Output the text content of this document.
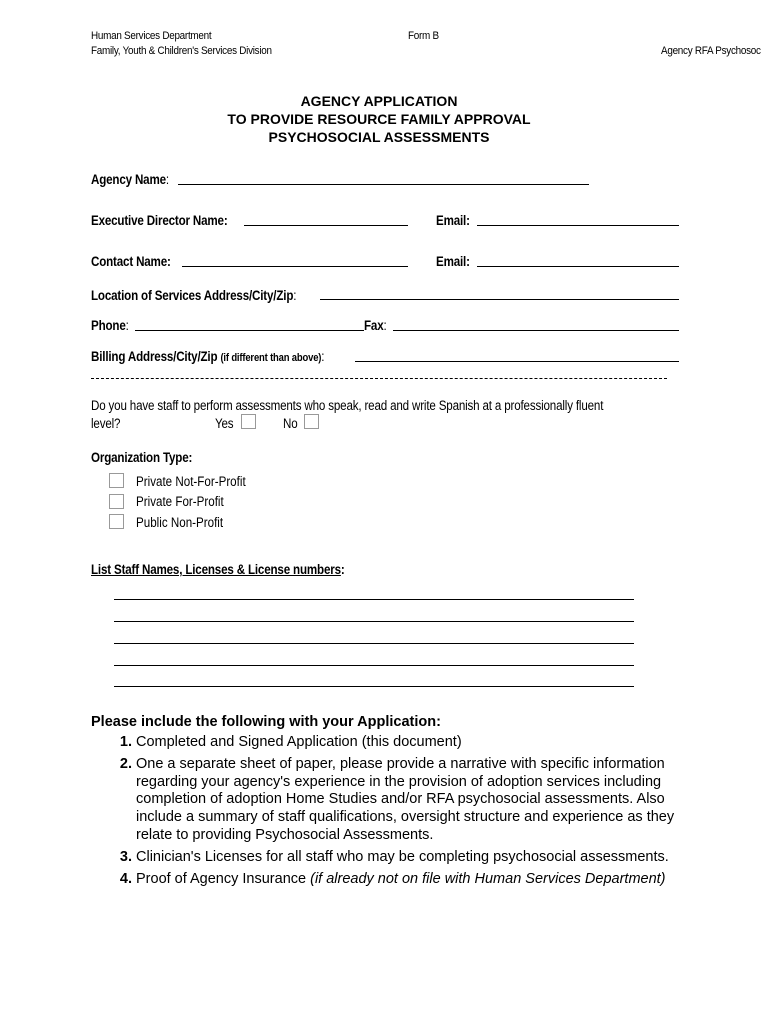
Human Services Department
Family, Youth & Children's Services Division
Form B
Agency RFA Psychosoc
AGENCY APPLICATION
TO PROVIDE RESOURCE FAMILY APPROVAL
PSYCHOSOCIAL ASSESSMENTS
Agency Name:
Executive Director Name:	Email:
Contact Name:	Email:
Location of Services Address/City/Zip:
Phone:	Fax:
Billing Address/City/Zip (if different than above):
Do you have staff to perform assessments who speak, read and write Spanish at a professionally fluent
level?	Yes	No
Organization Type:
Private Not-For-Profit
Private For-Profit
Public Non-Profit
List Staff Names, Licenses & License numbers:
Please include the following with your Application:
1. Completed and Signed Application (this document)
2. One a separate sheet of paper, please provide a narrative with specific information regarding your agency's experience in the provision of adoption services including completion of adoption Home Studies and/or RFA psychosocial assessments. Also include a summary of staff qualifications, oversight structure and experience as they relate to providing Psychosocial Assessments.
3. Clinician's Licenses for all staff who may be completing psychosocial assessments.
4. Proof of Agency Insurance (if already not on file with Human Services Department)
